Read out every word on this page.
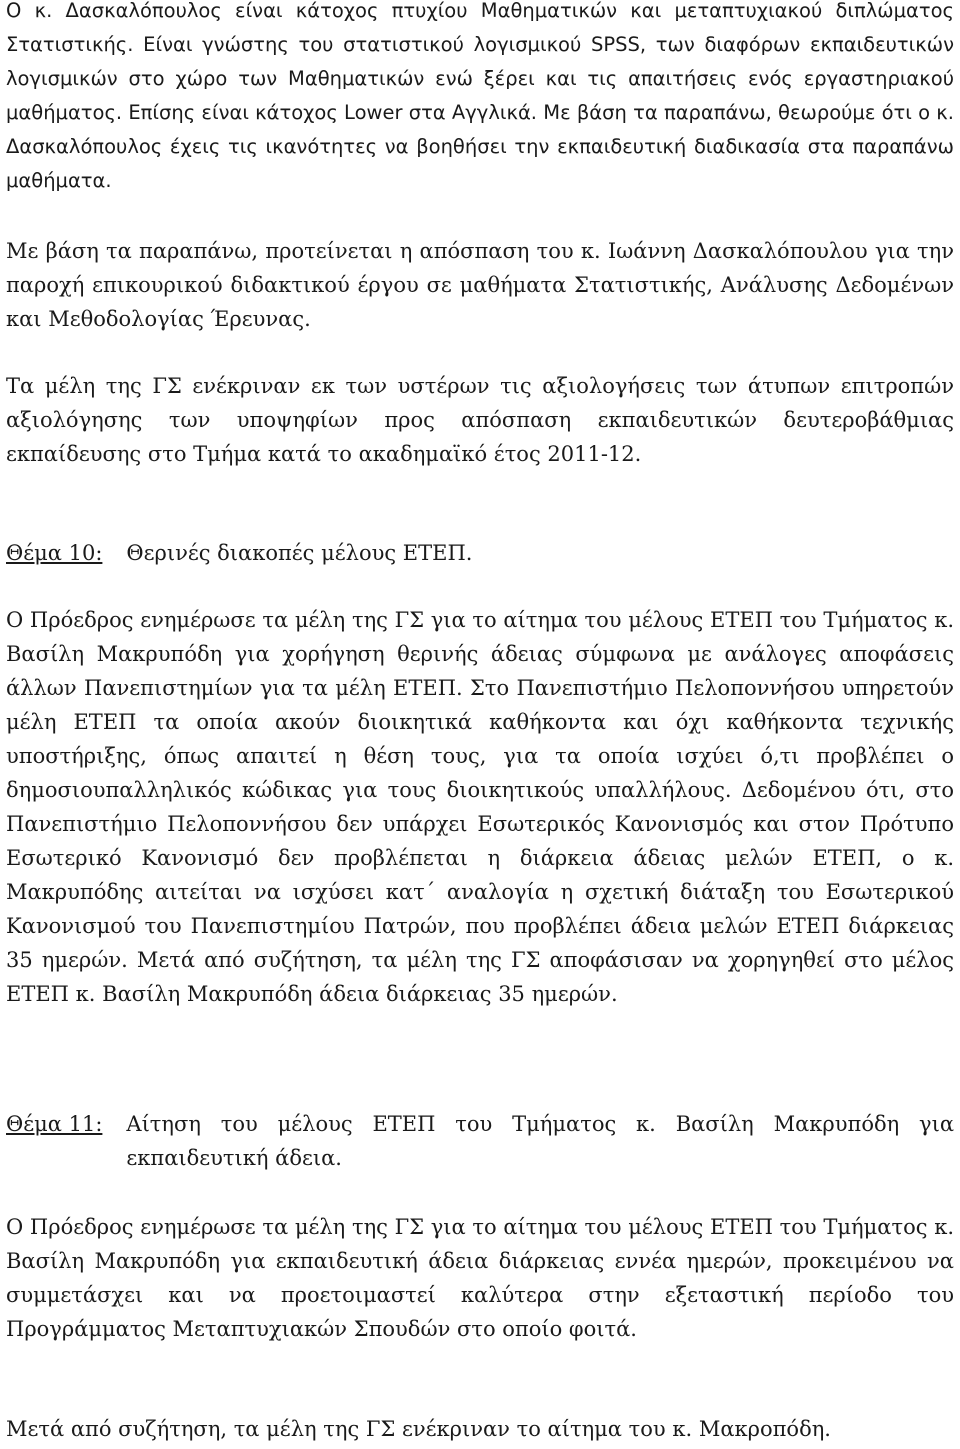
Ο κ. Δασκαλόπουλος είναι κάτοχος πτυχίου Μαθηματικών και μεταπτυχιακού διπλώματος Στατιστικής. Είναι γνώστης του στατιστικού λογισμικού SPSS, των διαφόρων εκπαιδευτικών λογισμικών στο χώρο των Μαθηματικών ενώ ξέρει και τις απαιτήσεις ενός εργαστηριακού μαθήματος. Επίσης είναι κάτοχος Lower στα Αγγλικά. Με βάση τα παραπάνω, θεωρούμε ότι ο κ. Δασκαλόπουλος έχεις τις ικανότητες να βοηθήσει την εκπαιδευτική διαδικασία στα παραπάνω μαθήματα.

Με βάση τα παραπάνω, προτείνεται η απόσπαση του κ. Ιωάννη Δασκαλόπουλου για την παροχή επικουρικού διδακτικού έργου σε μαθήματα Στατιστικής, Ανάλυσης Δεδομένων και Μεθοδολογίας Έρευνας.

Τα μέλη της ΓΣ ενέκριναν εκ των υστέρων τις αξιολογήσεις των άτυπων επιτροπών αξιολόγησης των υποψηφίων προς απόσπαση εκπαιδευτικών δευτεροβάθμιας εκπαίδευσης στο Τμήμα κατά το ακαδημαϊκό έτος 2011-12.

Θέμα 10: Θερινές διακοπές μέλους ΕΤΕΠ.

Ο Πρόεδρος ενημέρωσε τα μέλη της ΓΣ για το αίτημα του μέλους ΕΤΕΠ του Τμήματος κ. Βασίλη Μακρυπόδη για χορήγηση θερινής άδειας σύμφωνα με ανάλογες αποφάσεις άλλων Πανεπιστημίων για τα μέλη ΕΤΕΠ. Στο Πανεπιστήμιο Πελοποννήσου υπηρετούν μέλη ΕΤΕΠ τα οποία ακούν διοικητικά καθήκοντα και όχι καθήκοντα τεχνικής υποστήριξης, όπως απαιτεί η θέση τους, για τα οποία ισχύει ό,τι προβλέπει ο δημοσιουπαλληλικός κώδικας για τους διοικητικούς υπαλλήλους. Δεδομένου ότι, στο Πανεπιστήμιο Πελοποννήσου δεν υπάρχει Εσωτερικός Κανονισμός και στον Πρότυπο Εσωτερικό Κανονισμό δεν προβλέπεται η διάρκεια άδειας μελών ΕΤΕΠ, ο κ. Μακρυπόδης αιτείται να ισχύσει κατ΄ αναλογία η σχετική διάταξη του Εσωτερικού Κανονισμού του Πανεπιστημίου Πατρών, που προβλέπει άδεια μελών ΕΤΕΠ διάρκειας 35 ημερών. Μετά από συζήτηση, τα μέλη της ΓΣ αποφάσισαν να χορηγηθεί στο μέλος ΕΤΕΠ κ. Βασίλη Μακρυπόδη άδεια διάρκειας 35 ημερών.

Θέμα 11: Αίτηση του μέλους ΕΤΕΠ του Τμήματος κ. Βασίλη Μακρυπόδη για εκπαιδευτική άδεια.

Ο Πρόεδρος ενημέρωσε τα μέλη της ΓΣ για το αίτημα του μέλους ΕΤΕΠ του Τμήματος κ. Βασίλη Μακρυπόδη για εκπαιδευτική άδεια διάρκειας εννέα ημερών, προκειμένου να συμμετάσχει και να προετοιμαστεί καλύτερα στην εξεταστική περίοδο του Προγράμματος Μεταπτυχιακών Σπουδών στο οποίο φοιτά.

Μετά από συζήτηση, τα μέλη της ΓΣ ενέκριναν το αίτημα του κ. Μακροπόδη.
